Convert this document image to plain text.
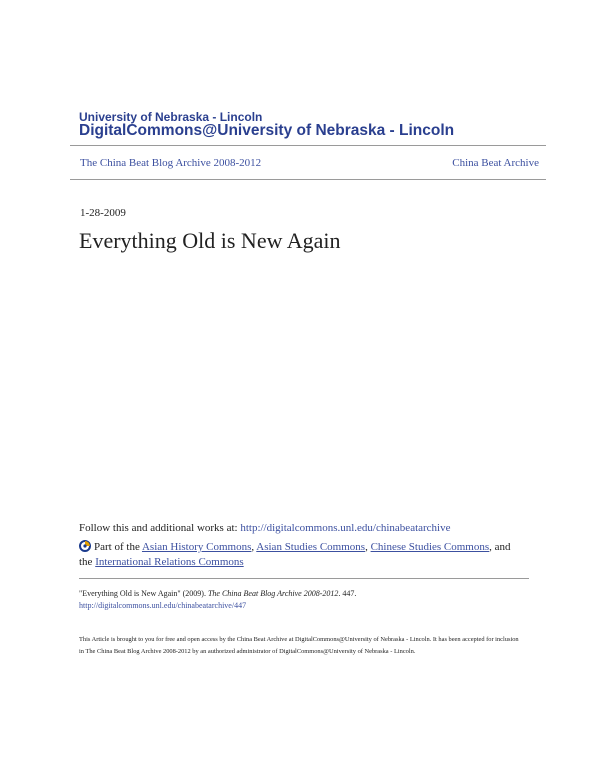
University of Nebraska - Lincoln
DigitalCommons@University of Nebraska - Lincoln
The China Beat Blog Archive 2008-2012	China Beat Archive
1-28-2009
Everything Old is New Again
Follow this and additional works at: http://digitalcommons.unl.edu/chinabeatarchive
Part of the Asian History Commons, Asian Studies Commons, Chinese Studies Commons, and
the International Relations Commons
"Everything Old is New Again" (2009). The China Beat Blog Archive 2008-2012. 447.
http://digitalcommons.unl.edu/chinabeatarchive/447
This Article is brought to you for free and open access by the China Beat Archive at DigitalCommons@University of Nebraska - Lincoln. It has been accepted for inclusion in The China Beat Blog Archive 2008-2012 by an authorized administrator of DigitalCommons@University of Nebraska - Lincoln.
